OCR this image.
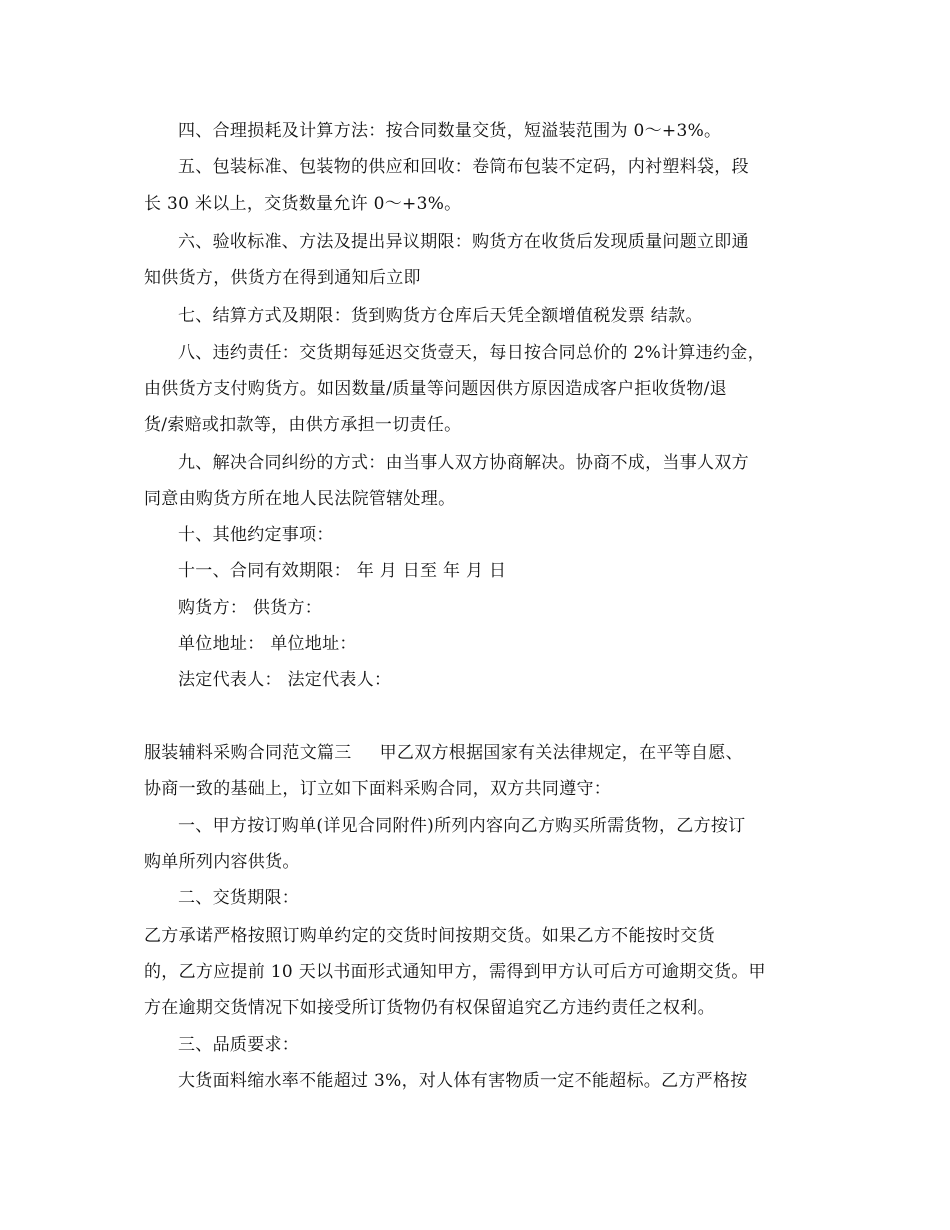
四、合理损耗及计算方法：按合同数量交货，短溢装范围为 0～+3%。
五、包装标准、包装物的供应和回收：卷筒布包装不定码，内衬塑料袋，段
长 30 米以上，交货数量允许 0～+3%。
六、验收标准、方法及提出异议期限：购货方在收货后发现质量问题立即通
知供货方，供货方在得到通知后立即
七、结算方式及期限：货到购货方仓库后天凭全额增值税发票 结款。
八、违约责任：交货期每延迟交货壹天，每日按合同总价的 2%计算违约金，
由供货方支付购货方。如因数量/质量等问题因供方原因造成客户拒收货物/退
货/索赔或扣款等，由供方承担一切责任。
九、解决合同纠纷的方式：由当事人双方协商解决。协商不成，当事人双方
同意由购货方所在地人民法院管辖处理。
十、其他约定事项：
十一、合同有效期限： 年 月 日至 年 月 日
购货方： 供货方：
单位地址： 单位地址：
法定代表人： 法定代表人：
服装辅料采购合同范文篇三 甲乙双方根据国家有关法律规定，在平等自愿、
协商一致的基础上，订立如下面料采购合同，双方共同遵守：
一、甲方按订购单(详见合同附件)所列内容向乙方购买所需货物，乙方按订
购单所列内容供货。
二、交货期限：
乙方承诺严格按照订购单约定的交货时间按期交货。如果乙方不能按时交货
的，乙方应提前 10 天以书面形式通知甲方，需得到甲方认可后方可逾期交货。甲
方在逾期交货情况下如接受所订货物仍有权保留追究乙方违约责任之权利。
三、品质要求：
大货面料缩水率不能超过 3%，对人体有害物质一定不能超标。乙方严格按
